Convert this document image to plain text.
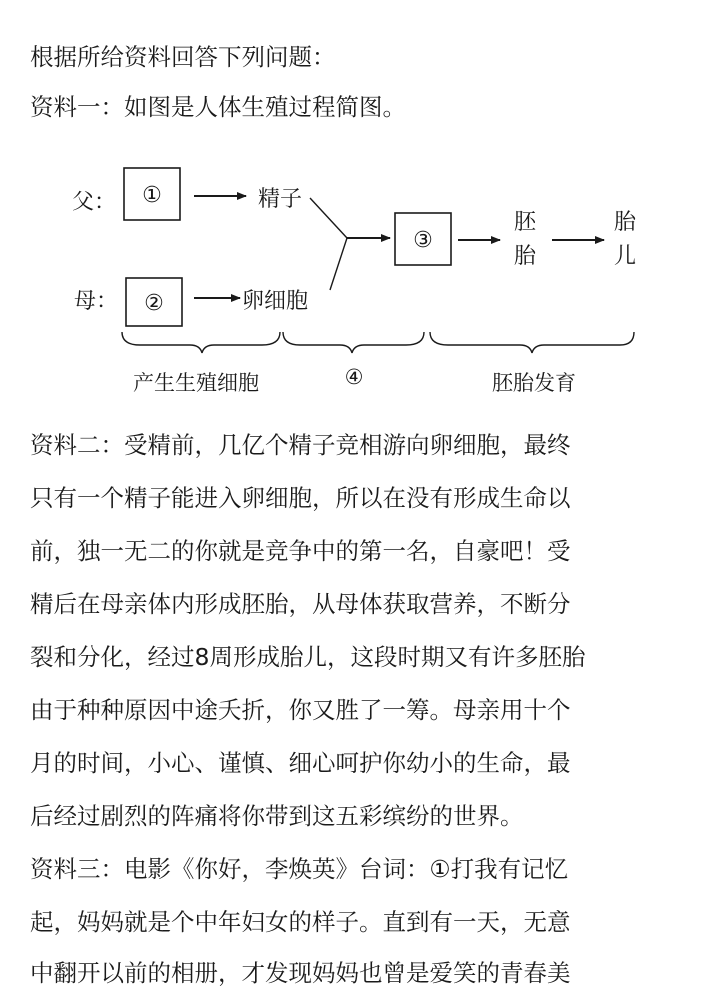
根据所给资料回答下列问题：
资料一：如图是人体生殖过程简图。
父： ①	精子
母： ②	卵细胞
③
胚
胎
胎
儿
产生生殖细胞	④	胚胎发育
资料二：受精前，几亿个精子竞相游向卵细胞，最终
只有一个精子能进入卵细胞，所以在没有形成生命以
前，独一无二的你就是竞争中的第一名，自豪吧！受
精后在母亲体内形成胚胎，从母体获取营养，不断分
裂和分化，经过8周形成胎儿，这段时期又有许多胚胎
由于种种原因中途夭折，你又胜了一筹。母亲用十个
月的时间，小心、谨慎、细心呵护你幼小的生命，最
后经过剧烈的阵痛将你带到这五彩缤纷的世界。
资料三：电影《你好，李焕英》台词：①打我有记忆
起，妈妈就是个中年妇女的样子。直到有一天，无意
中翻开以前的相册，才发现妈妈也曾是爱笑的青春美
